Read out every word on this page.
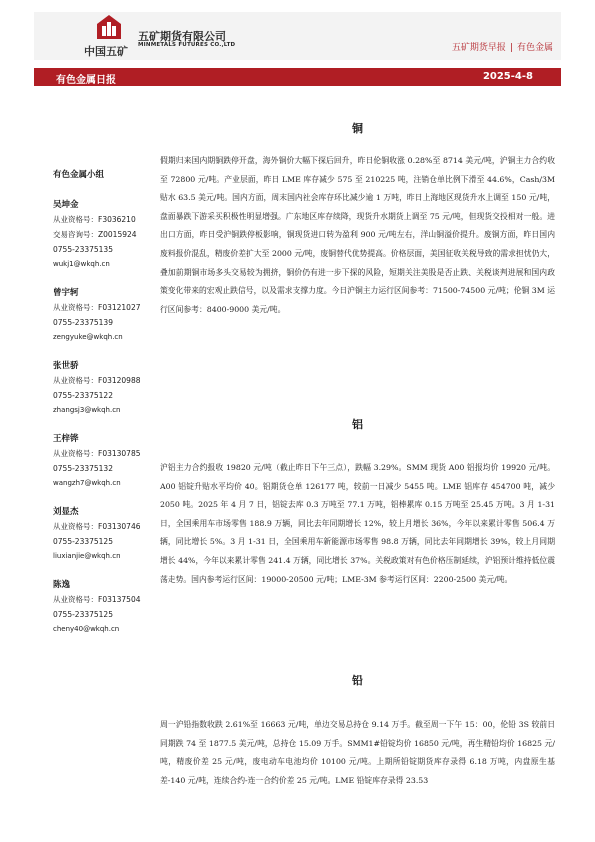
中国五矿
五矿期货有限公司
MINMETALS FUTURES CO.,LTD	五矿期货早报 | 有色金属
有色金属日报	2025-4-8
有色金属小组
吴坤金
从业资格号：F3036210
交易咨询号：Z0015924
0755-23375135
wukj1@wkqh.cn
曾宇轲
从业资格号：F03121027
0755-23375139
zengyuke@wkqh.cn
张世骄
从业资格号：F03120988
0755-23375122
zhangsj3@wkqh.cn
王梓铧
从业资格号：F03130785
0755-23375132
wangzh7@wkqh.cn
刘显杰
从业资格号：F03130746
0755-23375125
liuxianjie@wkqh.cn
陈逸
从业资格号：F03137504
0755-23375125
cheny40@wkqh.cn
铜
假期归来国内期铜跌停开盘，海外铜价大幅下探后回升，昨日伦铜收涨 0.28%至 8714 美元/吨，沪铜主力合约收至 72800 元/吨。产业层面，昨日 LME 库存减少 575 至 210225 吨，注销仓单比例下滑至 44.6%，Cash/3M 贴水 63.5 美元/吨。国内方面，周末国内社会库存环比减少逾 1 万吨，昨日上海地区现货升水上调至 150 元/吨，盘面暴跌下游采买积极性明显增强。广东地区库存续降，现货升水期货上调至 75 元/吨，但现货交投相对一般。进出口方面，昨日受沪铜跌停板影响，铜现货进口转为盈利 900 元/吨左右，洋山铜溢价提升。废铜方面，昨日国内废料报价混乱，精废价差扩大至 2000 元/吨，废铜替代优势提高。价格层面，美国征收关税导致的需求担忧仍大，叠加前期铜市场多头交易较为拥挤，铜价仍有进一步下探的风险，短期关注美股是否止跌、关税谈判进展和国内政策变化带来的宏观止跌信号，以及需求支撑力度。今日沪铜主力运行区间参考：71500-74500 元/吨；伦铜 3M 运行区间参考：8400-9000 美元/吨。
铝
沪铝主力合约报收 19820 元/吨（截止昨日下午三点），跌幅 3.29%。SMM 现货 A00 铝报均价 19920 元/吨。A00 铝锭升贴水平均价 40。铝期货仓单 126177 吨，较前一日减少 5455 吨。LME 铝库存 454700 吨，减少 2050 吨。2025 年 4 月 7 日，铝锭去库 0.3 万吨至 77.1 万吨，铝棒累库 0.15 万吨至 25.45 万吨。3 月 1-31 日，全国乘用车市场零售 188.9 万辆，同比去年同期增长 12%，较上月增长 36%，今年以来累计零售 506.4 万辆，同比增长 5%。3 月 1-31 日，全国乘用车新能源市场零售 98.8 万辆，同比去年同期增长 39%，较上月同期增长 44%，今年以来累计零售 241.4 万辆，同比增长 37%。关税政策对有色价格压制延续，沪铝预计维持低位震荡走势。国内参考运行区间：19000-20500 元/吨；LME-3M 参考运行区间：2200-2500 美元/吨。
铅
周一沪铅指数收跌 2.61%至 16663 元/吨，单边交易总持仓 9.14 万手。截至周一下午 15：00，伦铅 3S 较前日同期跌 74 至 1877.5 美元/吨，总持仓 15.09 万手。SMM1#铅锭均价 16850 元/吨，再生精铅均价 16825 元/吨，精废价差 25 元/吨，废电动车电池均价 10100 元/吨。上期所铅锭期货库存录得 6.18 万吨，内盘原生基差-140 元/吨，连续合约-连一合约价差 25 元/吨。LME 铅锭库存录得 23.53
